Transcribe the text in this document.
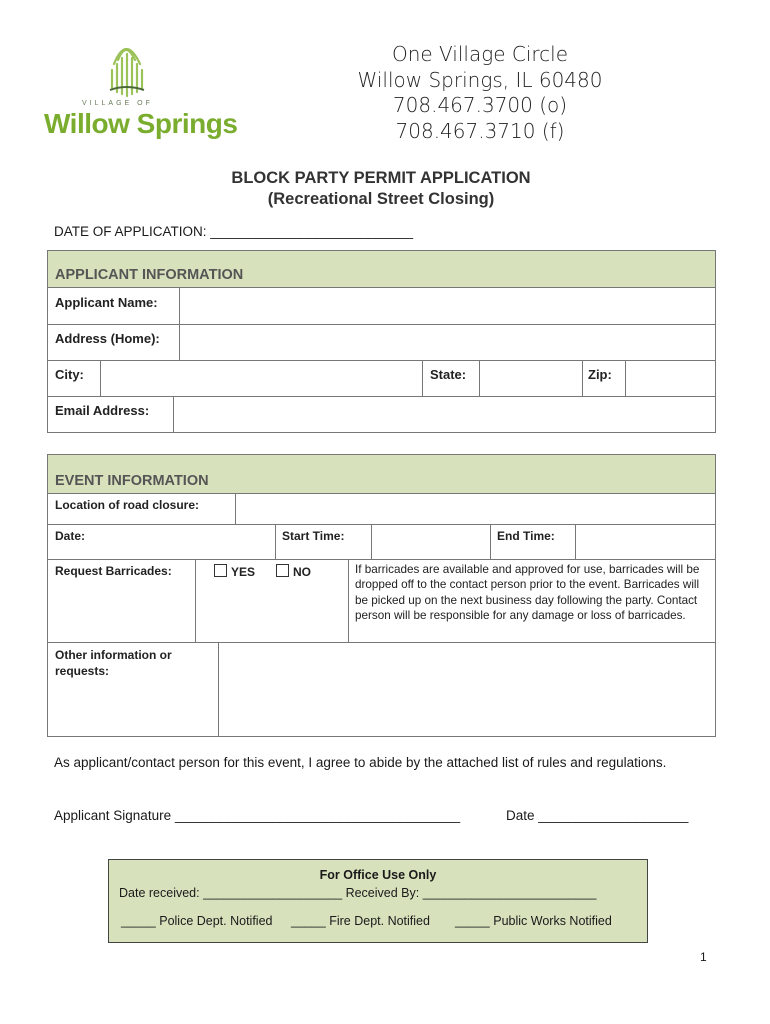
VILLAGE OF
Willow Springs
One Village Circle
Willow Springs, IL 60480
708.467.3700 (o)
708.467.3710 (f)
BLOCK PARTY PERMIT APPLICATION
(Recreational Street Closing)
DATE OF APPLICATION: ___________________________
APPLICANT INFORMATION
Applicant Name:
Address (Home):
City:	State:	Zip:
Email Address:
EVENT INFORMATION
Location of road closure:
Date:	Start Time:	End Time:
Request Barricades:	YES	NO	If barricades are available and approved for use, barricades will be dropped off to the contact person prior to the event. Barricades will be picked up on the next business day following the party. Contact person will be responsible for any damage or loss of barricades.
Other information or requests:
As applicant/contact person for this event, I agree to abide by the attached list of rules and regulations.
Applicant Signature ______________________________________	Date ____________________
For Office Use Only
Date received: ____________________ Received By: _________________________
_____ Police Dept. Notified _____ Fire Dept. Notified _____ Public Works Notified
1
